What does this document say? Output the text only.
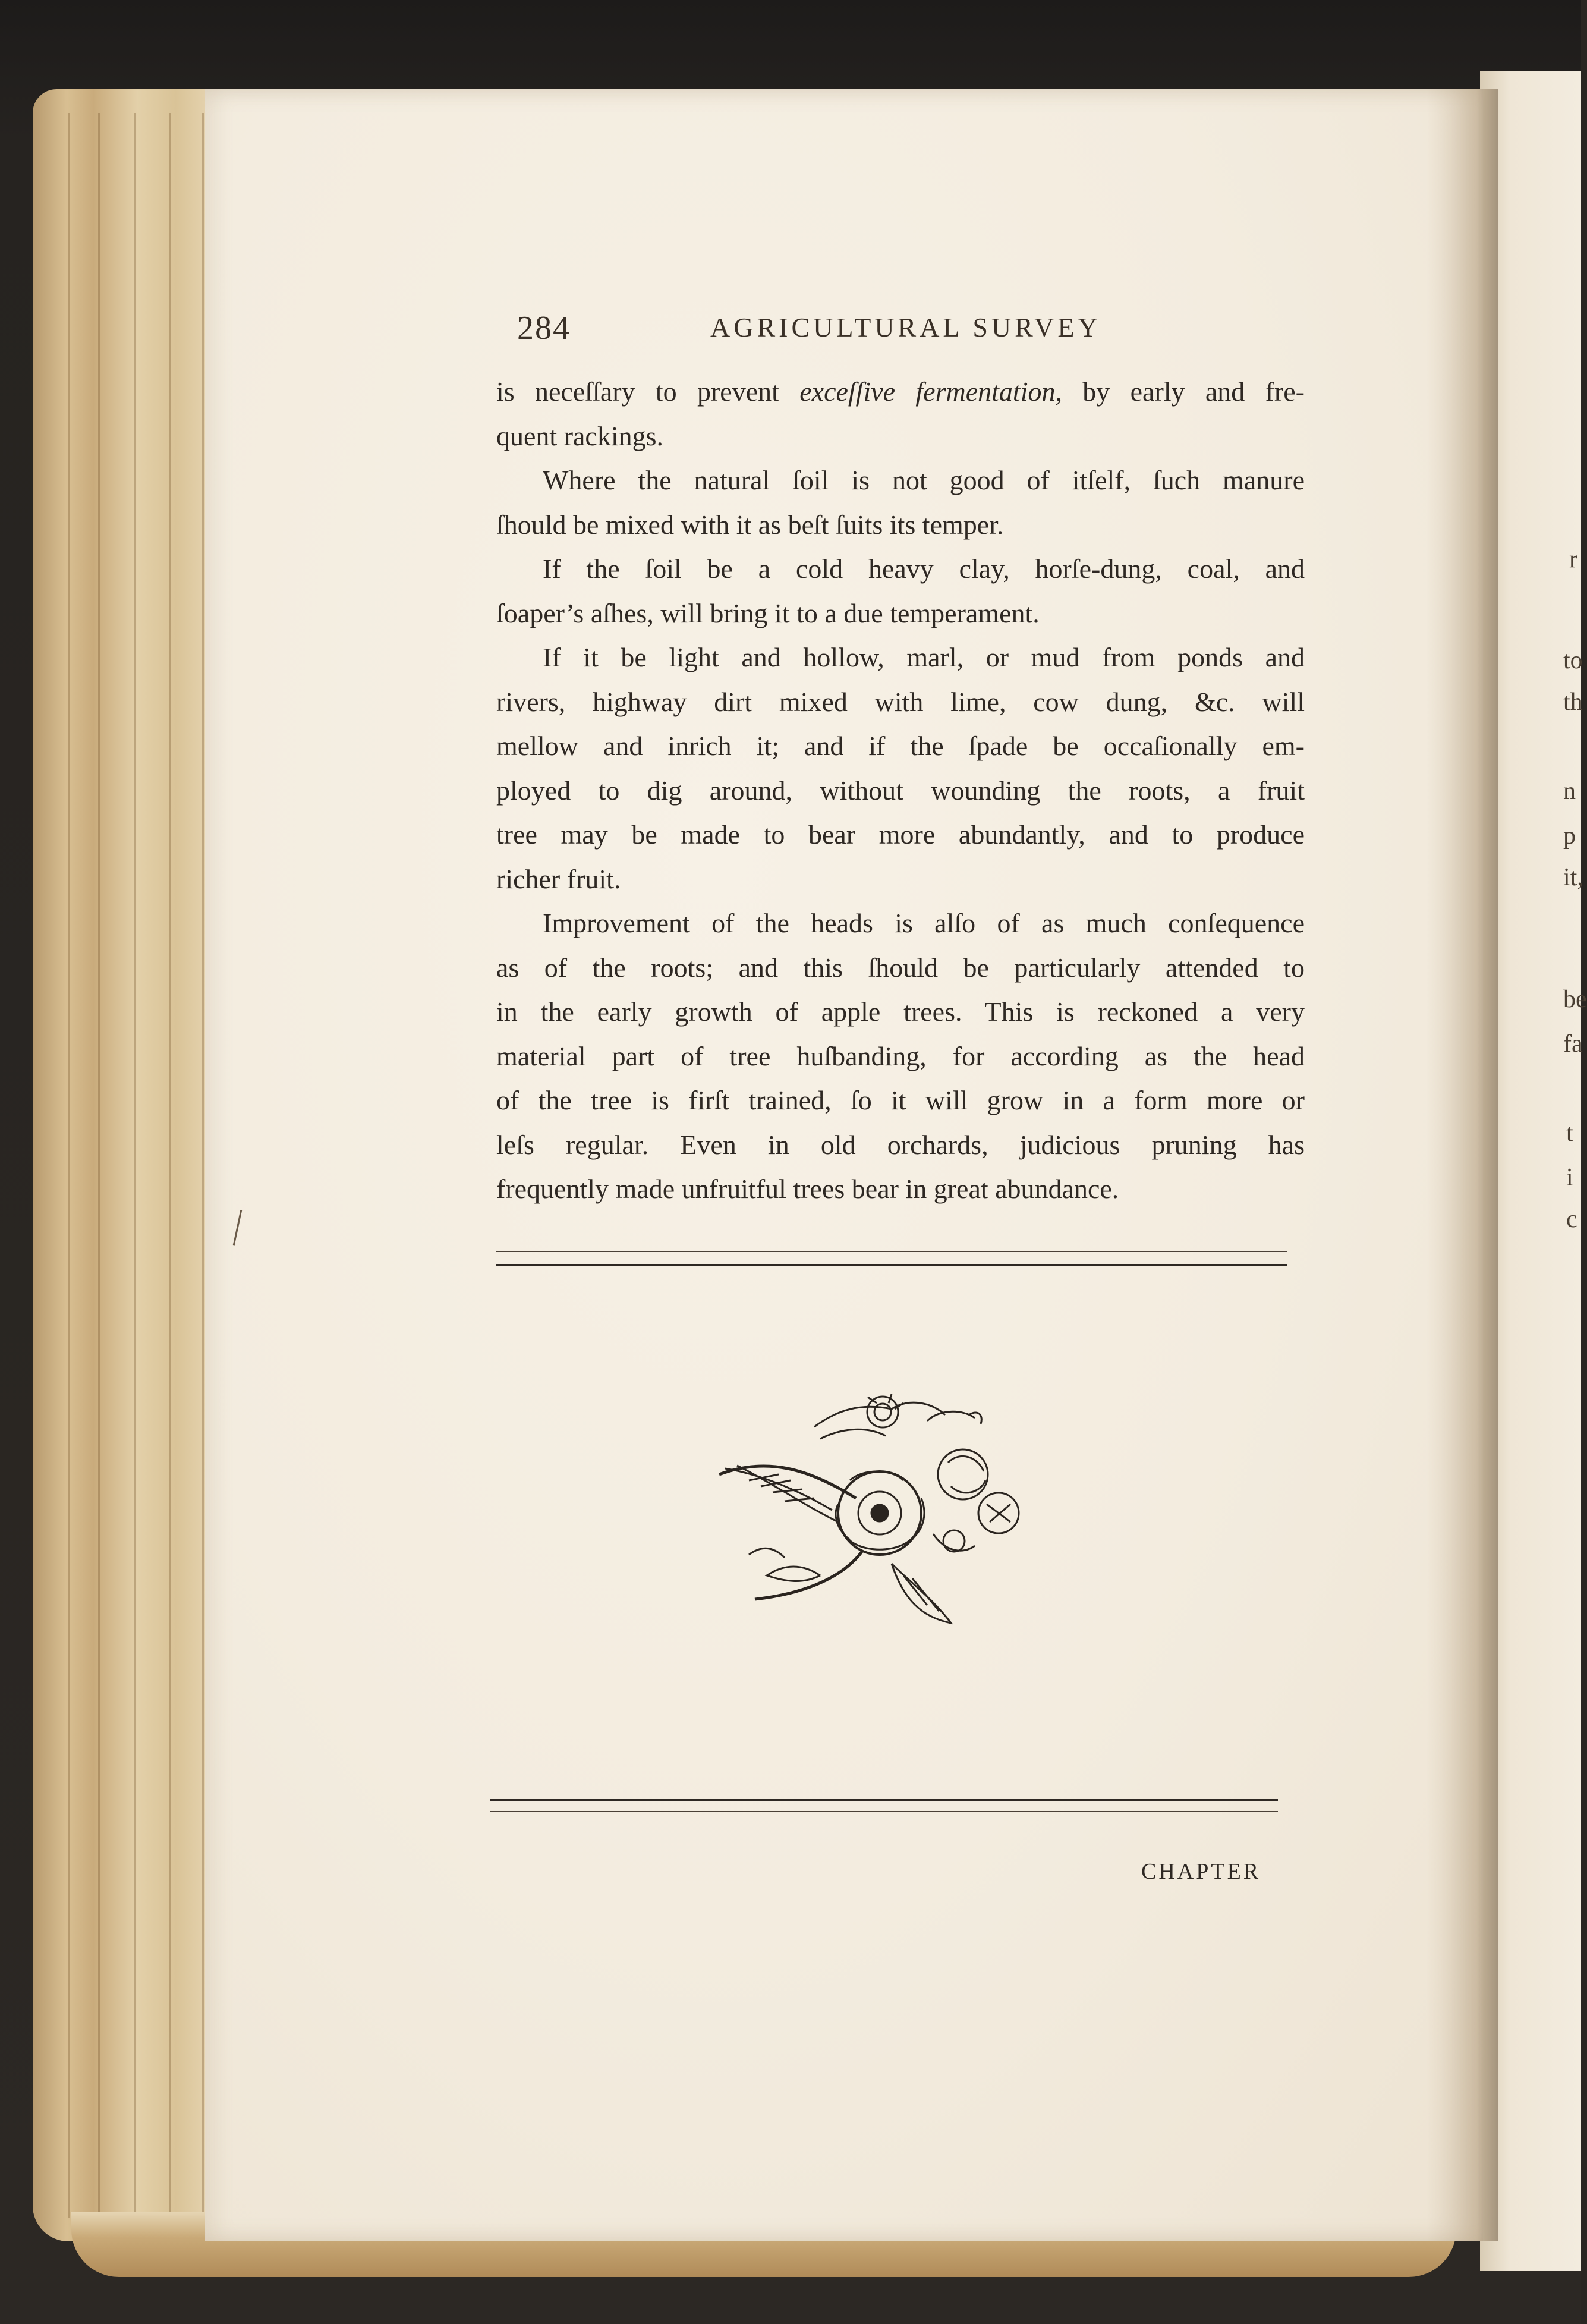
r
to
th
n
p
it,
be
fa
t
i
c
284	AGRICULTURAL SURVEY
is neceſſary to prevent exceſſive fermentation, by early and fre-
quent rackings.
Where the natural ſoil is not good of itſelf, ſuch manure
ſhould be mixed with it as beſt ſuits its temper.
If the ſoil be a cold heavy clay, horſe-dung, coal, and
ſoaper’s aſhes, will bring it to a due temperament.
If it be light and hollow, marl, or mud from ponds and
rivers, highway dirt mixed with lime, cow dung, &c. will
mellow and inrich it; and if the ſpade be occaſionally em-
ployed to dig around, without wounding the roots, a fruit
tree may be made to bear more abundantly, and to produce
richer fruit.
Improvement of the heads is alſo of as much conſequence
as of the roots; and this ſhould be particularly attended to
in the early growth of apple trees. This is reckoned a very
material part of tree huſbanding, for according as the head
of the tree is firſt trained, ſo it will grow in a form more or
leſs regular. Even in old orchards, judicious pruning has
frequently made unfruitful trees bear in great abundance.
CHAPTER
